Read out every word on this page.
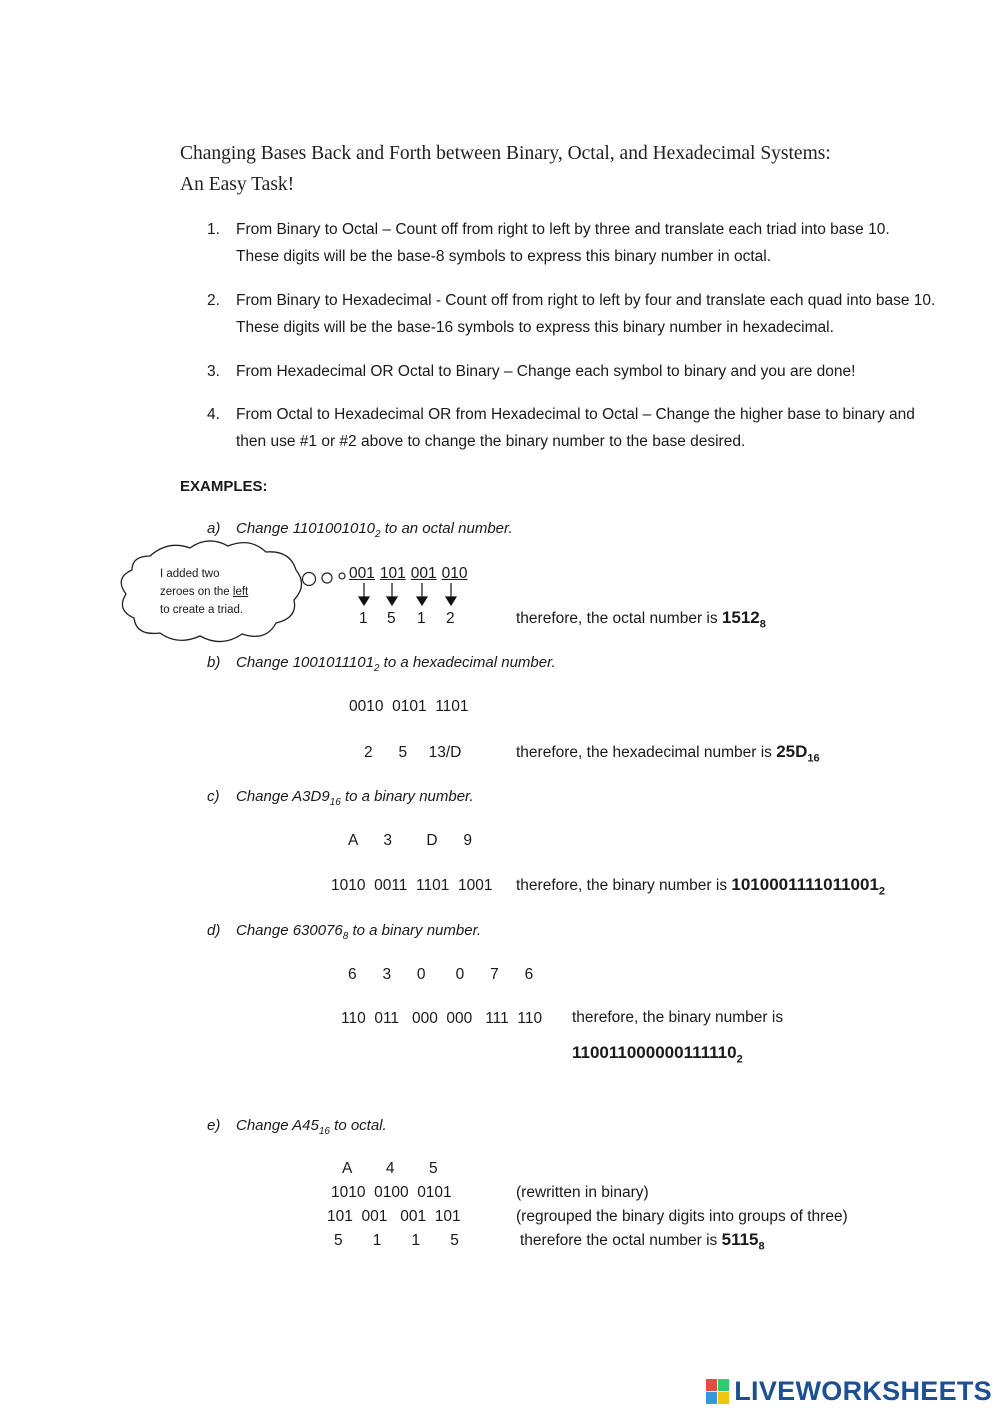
Changing Bases Back and Forth between Binary, Octal, and Hexadecimal Systems:
An Easy Task!
1. From Binary to Octal – Count off from right to left by three and translate each triad into base 10. These digits will be the base-8 symbols to express this binary number in octal.
2. From Binary to Hexadecimal - Count off from right to left by four and translate each quad into base 10. These digits will be the base-16 symbols to express this binary number in hexadecimal.
3. From Hexadecimal OR Octal to Binary – Change each symbol to binary and you are done!
4. From Octal to Hexadecimal OR from Hexadecimal to Octal – Change the higher base to binary and then use #1 or #2 above to change the binary number to the base desired.
EXAMPLES:
a) Change $1101001010_2$ to an octal number.
I added two
zeroes on the left
to create a triad.
001 101 001 010
1 5 1 2	therefore, the octal number is $1512_8$
b) Change $1001011101_2$ to a hexadecimal number.
0010  0101  1101
2      5     13/D	therefore, the hexadecimal number is $25D_{16}$
c) Change $A3D9_{16}$ to a binary number.
A      3        D      9
1010  0011  1101  1001 therefore, the binary number is $1010001111011001_2$
d) Change $630076_8$ to a binary number.
6      3      0       0      7      6
110  011   000  000   111  110 therefore, the binary number is
$110011000000111110_2$
e) Change $A45_{16}$ to octal.
A        4        5
1010  0100  0101
101  001   001  101
5       1       1       5
(rewritten in binary)
(regrouped the binary digits into groups of three)
therefore the octal number is $5115_8$
LIVEWORKSHEETS
